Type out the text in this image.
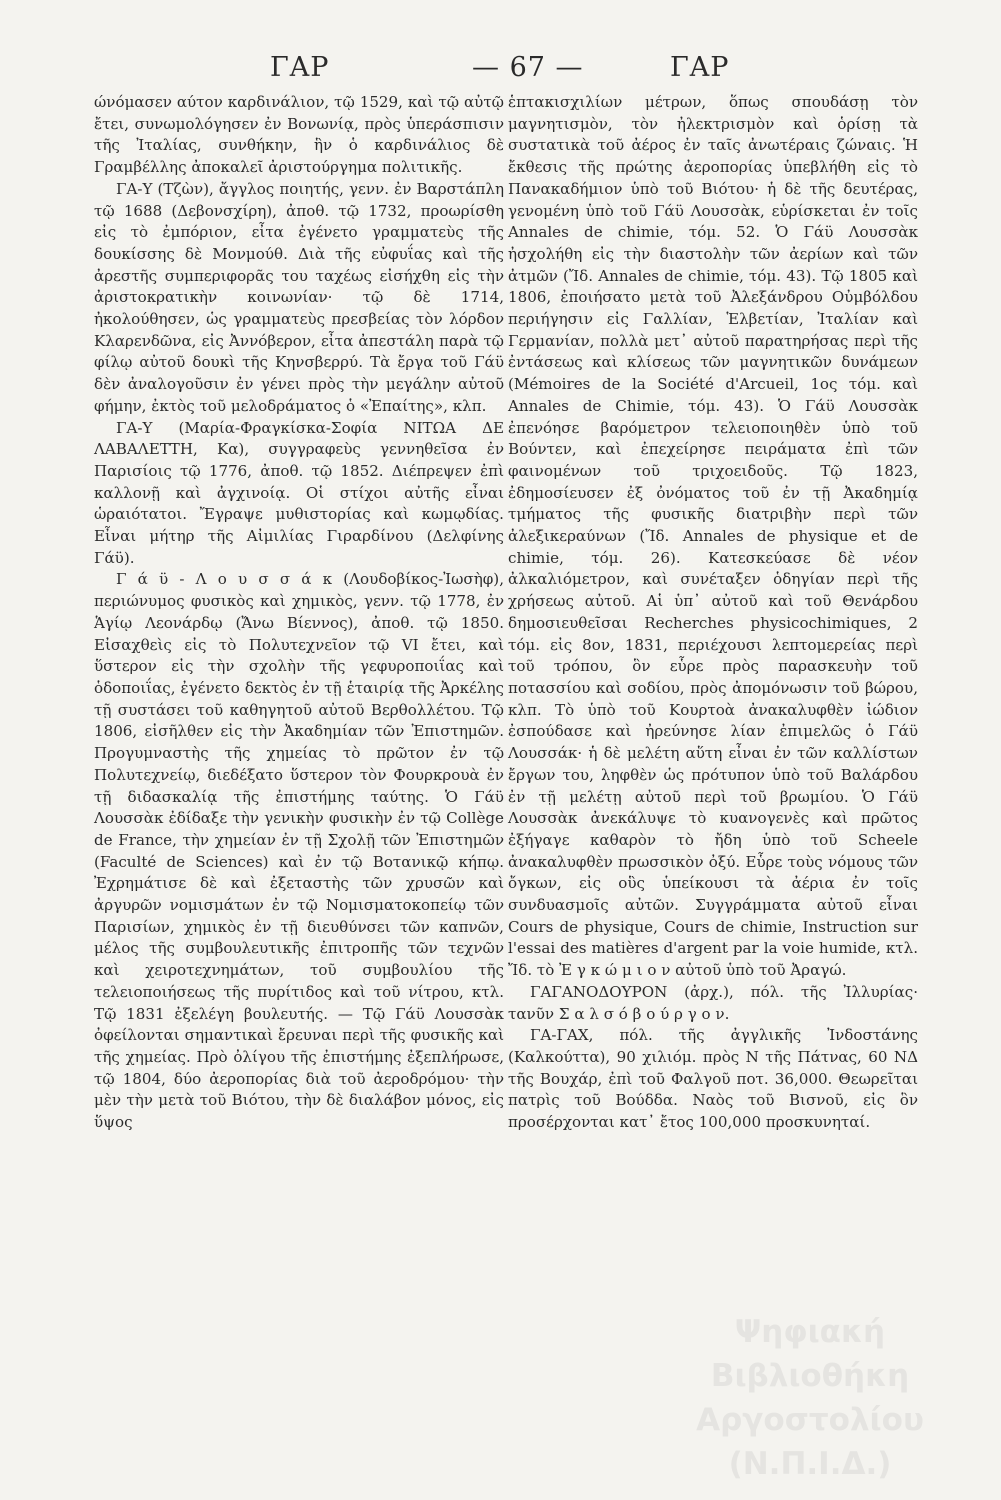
ΓΑΡ	— 67 —	ΓΑΡ

ώνόμασεν αύτον καρδινάλιον, τῷ 1529, καὶ τῷ αὐτῷ ἔτει, συνωμολόγησεν ἐν Βονωνίᾳ, πρὸς ὑπεράσπισιν τῆς Ἰταλίας, συνθήκην, ἣν ὁ καρδινάλιος δὲ Γραμβέλλης ἀποκαλεῖ ἀριστούργημα πολιτικῆς.

ΓΑ-Υ (Τζὼν), ἄγγλος ποιητής, γενν. ἐν Βαρστάπλη τῷ 1688 (Δεβονσχίρη), ἀποθ. τῷ 1732, προωρίσθη εἰς τὸ ἐμπόριον, εἶτα ἐγένετο γραμματεὺς τῆς δουκίσσης δὲ Μονμούθ. Διὰ τῆς εὐφυΐας καὶ τῆς ἀρεστῆς συμπεριφορᾶς του ταχέως εἰσήχθη εἰς τὴν ἀριστοκρατικὴν κοινωνίαν· τῷ δὲ 1714, ἠκολούθησεν, ὡς γραμματεὺς πρεσβείας τὸν λόρδον Κλαρενδῶνα, εἰς Ἀννόβερον, εἶτα ἀπεστάλη παρὰ τῷ φίλῳ αὐτοῦ δουκὶ τῆς Κηνσβερρύ. Τὰ ἔργα τοῦ Γάϋ δὲν ἀναλογοῦσιν ἐν γένει πρὸς τὴν μεγάλην αὐτοῦ φήμην, ἐκτὸς τοῦ μελοδράματος ὁ «Ἐπαίτης», κλπ.

ΓΑ-Υ (Μαρία-Φραγκίσκα-Σοφία ΝΙΤΩΑ ΔΕ ΛΑΒΑΛΕΤΤΗ, Κα), συγγραφεὺς γεννηθεῖσα ἐν Παρισίοις τῷ 1776, ἀποθ. τῷ 1852. Διέπρεψεν ἐπὶ καλλονῇ καὶ ἀγχινοίᾳ. Οἱ στίχοι αὐτῆς εἶναι ὡραιότατοι. Ἔγραψε μυθιστορίας καὶ κωμῳδίας. Εἶναι μήτηρ τῆς Αἰμιλίας Γιραρδίνου (Δελφίνης Γάϋ).

Γ ά ϋ - Λ ο υ σ σ ά κ (Λουδοβίκος-Ἰωσὴφ), περιώνυμος φυσικὸς καὶ χημικὸς, γενν. τῷ 1778, ἐν Ἁγίῳ Λεονάρδῳ (Ἄνω Βίεννος), ἀποθ. τῷ 1850. Εἰσαχθεὶς εἰς τὸ Πολυτεχνεῖον τῷ VI ἔτει, καὶ ὕστερον εἰς τὴν σχολὴν τῆς γεφυροποιΐας καὶ ὁδοποιΐας, ἐγένετο δεκτὸς ἐν τῇ ἑταιρίᾳ τῆς Ἀρκέλης τῇ συστάσει τοῦ καθηγητοῦ αὐτοῦ Βερθολλέτου. Τῷ 1806, εἰσῆλθεν εἰς τὴν Ἀκαδημίαν τῶν Ἐπιστημῶν. Προγυμναστὴς τῆς χημείας τὸ πρῶτον ἐν τῷ Πολυτεχνείῳ, διεδέξατο ὕστερον τὸν Φουρκρουὰ ἐν τῇ διδασκαλίᾳ τῆς ἐπιστήμης ταύτης. Ὁ Γάϋ Λουσσὰκ ἐδίδαξε τὴν γενικὴν φυσικὴν ἐν τῷ Collège de France, τὴν χημείαν ἐν τῇ Σχολῇ τῶν Ἐπιστημῶν (Faculté de Sciences) καὶ ἐν τῷ Βοτανικῷ κήπῳ. Ἐχρημάτισε δὲ καὶ ἐξεταστὴς τῶν χρυσῶν καὶ ἀργυρῶν νομισμάτων ἐν τῷ Νομισματοκοπείῳ τῶν Παρισίων, χημικὸς ἐν τῇ διευθύνσει τῶν καπνῶν, μέλος τῆς συμβουλευτικῆς ἐπιτροπῆς τῶν τεχνῶν καὶ χειροτεχνημάτων, τοῦ συμβουλίου τῆς τελειοποιήσεως τῆς πυρίτιδος καὶ τοῦ νίτρου, κτλ. Τῷ 1831 ἐξελέγη βουλευτής. — Τῷ Γάϋ Λουσσὰκ ὀφείλονται σημαντικαὶ ἔρευναι περὶ τῆς φυσικῆς καὶ τῆς χημείας. Πρὸ ὀλίγου τῆς ἐπιστήμης ἐξεπλήρωσε, τῷ 1804, δύο ἀεροπορίας διὰ τοῦ ἀεροδρόμου· τὴν μὲν τὴν μετὰ τοῦ Βιότου, τὴν δὲ διαλάβον μόνος, εἰς ὕψος

ἑπτακισχιλίων μέτρων, ὅπως σπουδάσῃ τὸν μαγνητισμὸν, τὸν ἠλεκτρισμὸν καὶ ὁρίσῃ τὰ συστατικὰ τοῦ ἀέρος ἐν ταῖς ἀνωτέραις ζώναις. Ἡ ἔκθεσις τῆς πρώτης ἀεροπορίας ὑπεβλήθη εἰς τὸ Πανακαδήμιον ὑπὸ τοῦ Βιότου· ἡ δὲ τῆς δευτέρας, γενομένη ὑπὸ τοῦ Γάϋ Λουσσὰκ, εὑρίσκεται ἐν τοῖς Annales de chimie, τόμ. 52. Ὁ Γάϋ Λουσσὰκ ἠσχολήθη εἰς τὴν διαστολὴν τῶν ἀερίων καὶ τῶν ἀτμῶν (Ἴδ. Annales de chimie, τόμ. 43). Τῷ 1805 καὶ 1806, ἐποιήσατο μετὰ τοῦ Ἀλεξάνδρου Οὐμβόλδου περιήγησιν εἰς Γαλλίαν, Ἑλβετίαν, Ἰταλίαν καὶ Γερμανίαν, πολλὰ μετ᾽ αὐτοῦ παρατηρήσας περὶ τῆς ἐντάσεως καὶ κλίσεως τῶν μαγνητικῶν δυνάμεων (Mémoires de la Société d'Arcueil, 1ος τόμ. καὶ Annales de Chimie, τόμ. 43). Ὁ Γάϋ Λουσσὰκ ἐπενόησε βαρόμετρον τελειοποιηθὲν ὑπὸ τοῦ Βούντεν, καὶ ἐπεχείρησε πειράματα ἐπὶ τῶν φαινομένων τοῦ τριχοειδοῦς. Τῷ 1823, ἐδημοσίευσεν ἐξ ὀνόματος τοῦ ἐν τῇ Ἀκαδημίᾳ τμήματος τῆς φυσικῆς διατριβὴν περὶ τῶν ἀλεξικεραύνων (Ἴδ. Annales de physique et de chimie, τόμ. 26). Κατεσκεύασε δὲ νέον ἀλκαλιόμετρον, καὶ συνέταξεν ὁδηγίαν περὶ τῆς χρήσεως αὐτοῦ. Αἱ ὑπ᾽ αὐτοῦ καὶ τοῦ Θενάρδου δημοσιευθεῖσαι Recherches physicochimiques, 2 τόμ. εἰς 8ον, 1831, περιέχουσι λεπτομερείας περὶ τοῦ τρόπου, ὃν εὗρε πρὸς παρασκευὴν τοῦ ποτασσίου καὶ σοδίου, πρὸς ἀπομόνωσιν τοῦ βώρου, κλπ. Τὸ ὑπὸ τοῦ Κουρτοὰ ἀνακαλυφθὲν ἰώδιον ἐσπούδασε καὶ ἠρεύνησε λίαν ἐπιμελῶς ὁ Γάϋ Λουσσάκ· ἡ δὲ μελέτη αὕτη εἶναι ἐν τῶν καλλίστων ἔργων του, ληφθὲν ὡς πρότυπον ὑπὸ τοῦ Βαλάρδου ἐν τῇ μελέτῃ αὐτοῦ περὶ τοῦ βρωμίου. Ὁ Γάϋ Λουσσὰκ ἀνεκάλυψε τὸ κυανογενὲς καὶ πρῶτος ἐξήγαγε καθαρὸν τὸ ἤδη ὑπὸ τοῦ Scheele ἀνακαλυφθὲν πρωσσικὸν ὀξύ. Εὗρε τοὺς νόμους τῶν ὄγκων, εἰς οὓς ὑπείκουσι τὰ ἀέρια ἐν τοῖς συνδυασμοῖς αὐτῶν. Συγγράμματα αὐτοῦ εἶναι Cours de physique, Cours de chimie, Instruction sur l'essai des matières d'argent par la voie humide, κτλ. Ἴδ. τὸ Ἐ γ κ ώ μ ι ο ν αὐτοῦ ὑπὸ τοῦ Ἀραγώ.

ΓΑΓΑΝΟΔΟΥΡΟΝ (ἀρχ.), πόλ. τῆς Ἰλλυρίας· τανῦν Σ α λ σ ό β ο ύ ρ γ ο ν.

ΓΑ-ΓΑΧ, πόλ. τῆς ἀγγλικῆς Ἰνδοστάνης (Καλκούττα), 90 χιλιόμ. πρὸς Ν τῆς Πάτνας, 60 ΝΔ τῆς Βουχάρ, ἐπὶ τοῦ Φαλγοῦ ποτ. 36,000. Θεωρεῖται πατρὶς τοῦ Βούδδα. Ναὸς τοῦ Βισνοῦ, εἰς ὃν προσέρχονται κατ᾽ ἔτος 100,000 προσκυνηταί.

Ψηφιακή Βιβλιοθήκη Αργοστολίου (Ν.Π.Ι.Δ.)
